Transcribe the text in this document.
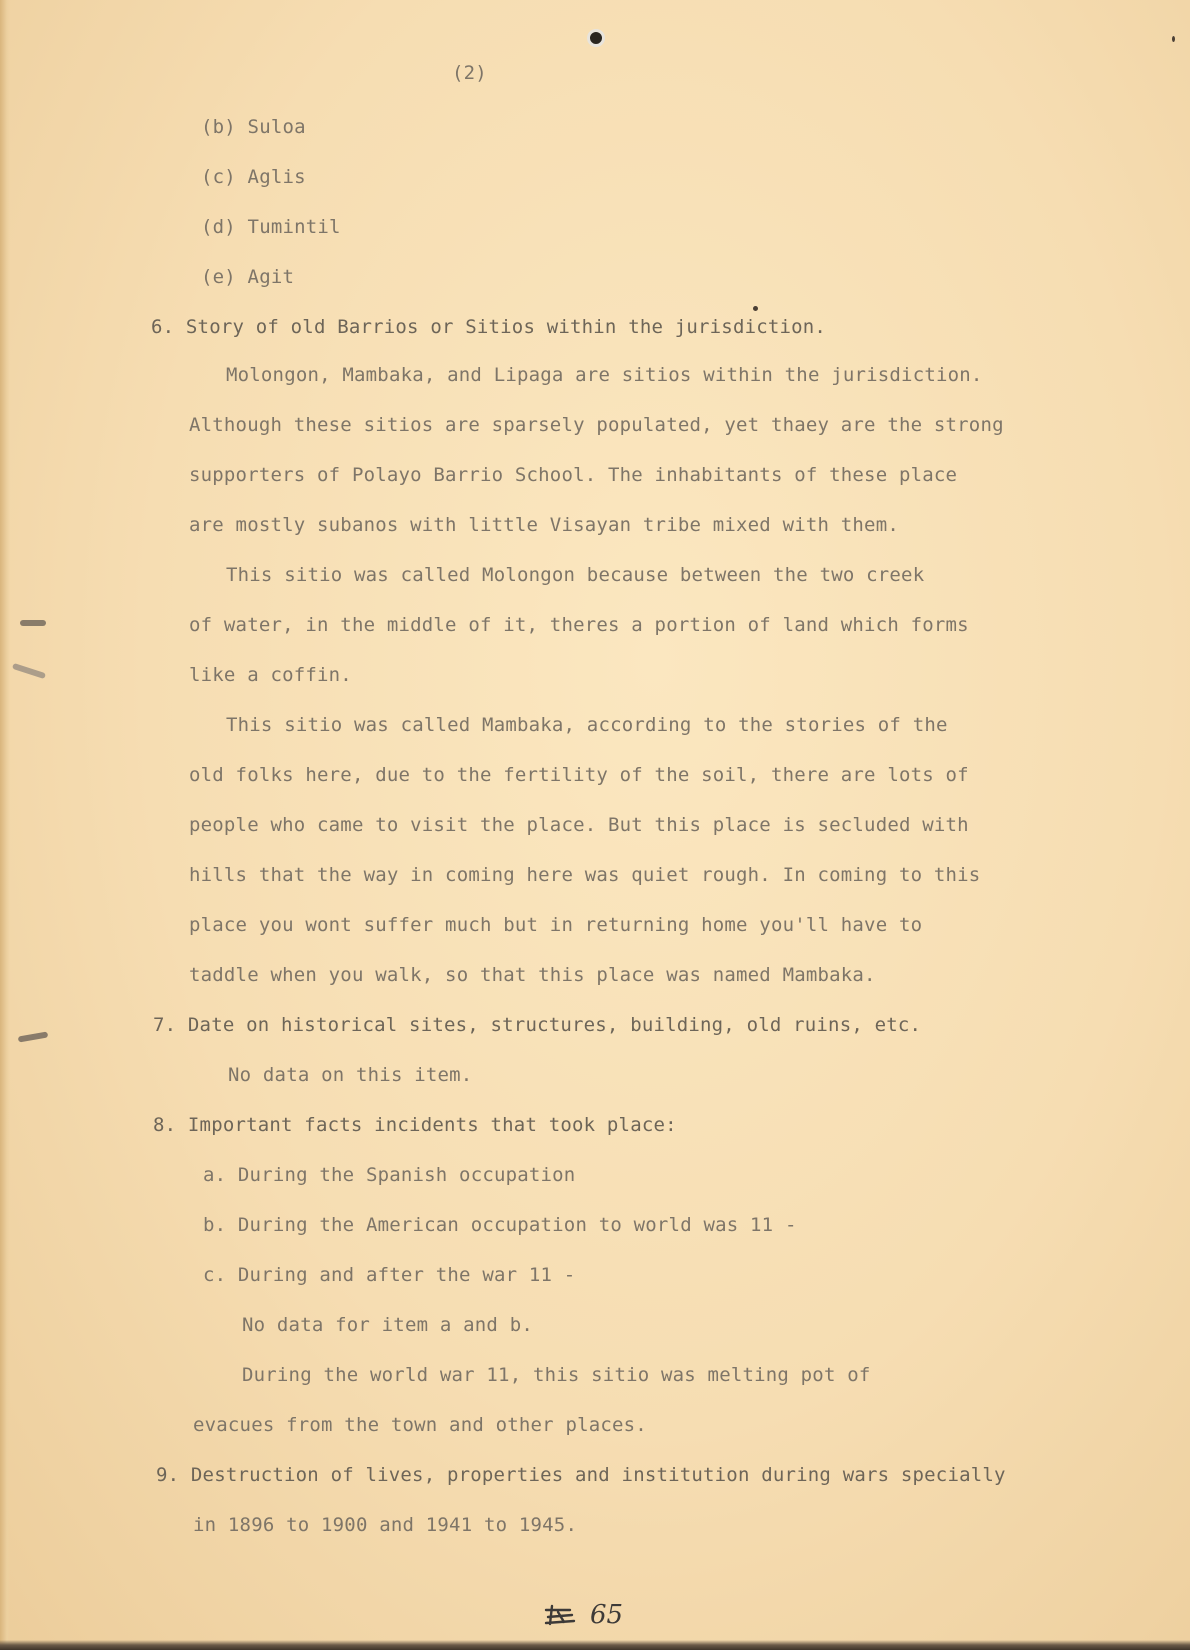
(2)
(b) Suloa
(c) Aglis
(d) Tumintil
(e) Agit
6. Story of old Barrios or Sitios within the jurisdiction.
Molongon, Mambaka, and Lipaga are sitios within the jurisdiction.
Although these sitios are sparsely populated, yet thaey are the strong
supporters of Polayo Barrio School. The inhabitants of these place
are mostly subanos with little Visayan tribe mixed with them.
This sitio was called Molongon because between the two creek
of water, in the middle of it, theres a portion of land which forms
like a coffin.
This sitio was called Mambaka, according to the stories of the
old folks here, due to the fertility of the soil, there are lots of
people who came to visit the place. But this place is secluded with
hills that the way in coming here was quiet rough. In coming to this
place you wont suffer much but in returning home you'll have to
taddle when you walk, so that this place was named Mambaka.
7. Date on historical sites, structures, building, old ruins, etc.
No data on this item.
8. Important facts incidents that took place:
a. During the Spanish occupation
b. During the American occupation to world was 11 -
c. During and after the war 11 -
No data for item a and b.
During the world war 11, this sitio was melting pot of
evacues from the town and other places.
9. Destruction of lives, properties and institution during wars specially
in 1896 to 1900 and 1941 to 1945.
65
